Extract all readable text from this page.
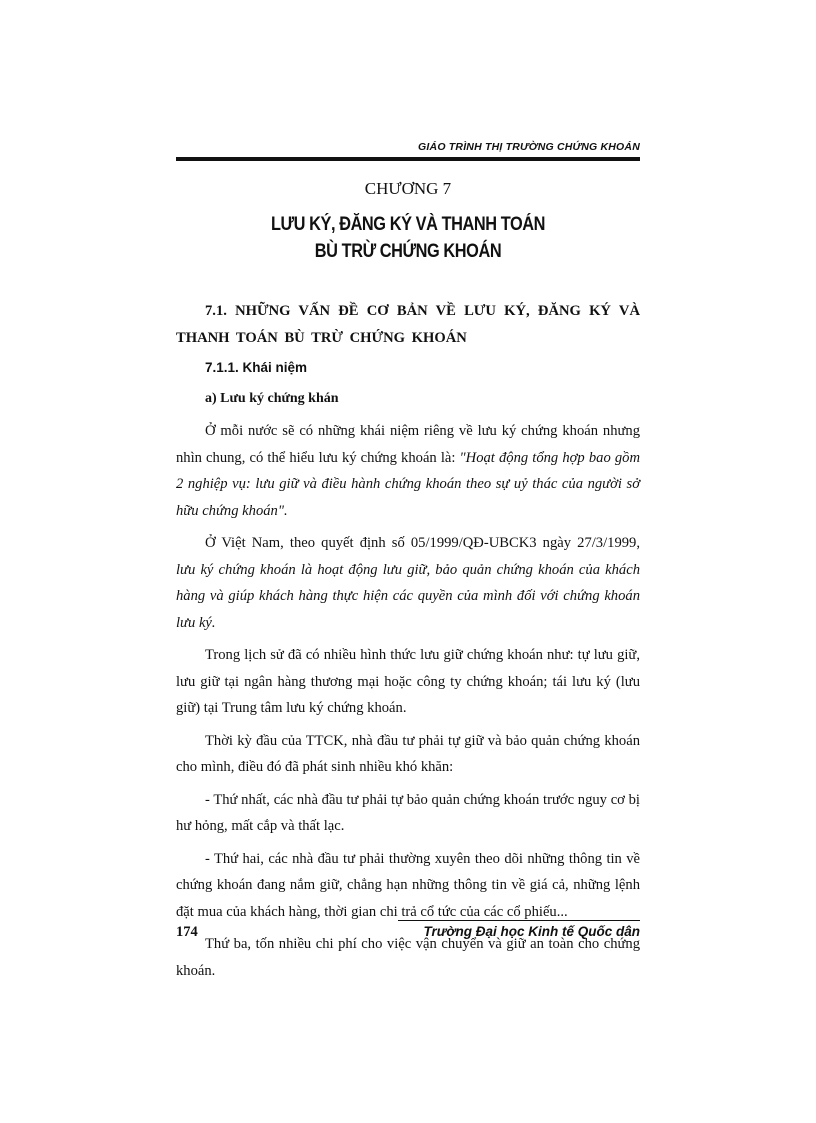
GIÁO TRÌNH THỊ TRƯỜNG CHỨNG KHOÁN
CHƯƠNG 7
LƯU KÝ, ĐĂNG KÝ VÀ THANH TOÁN
BÙ TRỪ CHỨNG KHOÁN

7.1. NHỮNG VẤN ĐỀ CƠ BẢN VỀ LƯU KÝ, ĐĂNG KÝ VÀ THANH TOÁN BÙ TRỪ CHỨNG KHOÁN

7.1.1. Khái niệm

a) Lưu ký chứng khán

Ở mỗi nước sẽ có những khái niệm riêng về lưu ký chứng khoán nhưng nhìn chung, có thể hiểu lưu ký chứng khoán là: "Hoạt động tổng hợp bao gồm 2 nghiệp vụ: lưu giữ và điều hành chứng khoán theo sự uỷ thác của người sở hữu chứng khoán".

Ở Việt Nam, theo quyết định số 05/1999/QĐ-UBCK3 ngày 27/3/1999, lưu ký chứng khoán là hoạt động lưu giữ, bảo quản chứng khoán của khách hàng và giúp khách hàng thực hiện các quyền của mình đối với chứng khoán lưu ký.

Trong lịch sử đã có nhiều hình thức lưu giữ chứng khoán như: tự lưu giữ, lưu giữ tại ngân hàng thương mại hoặc công ty chứng khoán; tái lưu ký (lưu giữ) tại Trung tâm lưu ký chứng khoán.

Thời kỳ đầu của TTCK, nhà đầu tư phải tự giữ và bảo quản chứng khoán cho mình, điều đó đã phát sinh nhiều khó khăn:

- Thứ nhất, các nhà đầu tư phải tự bảo quản chứng khoán trước nguy cơ bị hư hỏng, mất cắp và thất lạc.

- Thứ hai, các nhà đầu tư phải thường xuyên theo dõi những thông tin về chứng khoán đang nắm giữ, chẳng hạn những thông tin về giá cả, những lệnh đặt mua của khách hàng, thời gian chi trả cổ tức của các cổ phiếu...

Thứ ba, tốn nhiều chi phí cho việc vận chuyển và giữ an toàn cho chứng khoán.

174	Trường Đại học Kinh tế Quốc dân
